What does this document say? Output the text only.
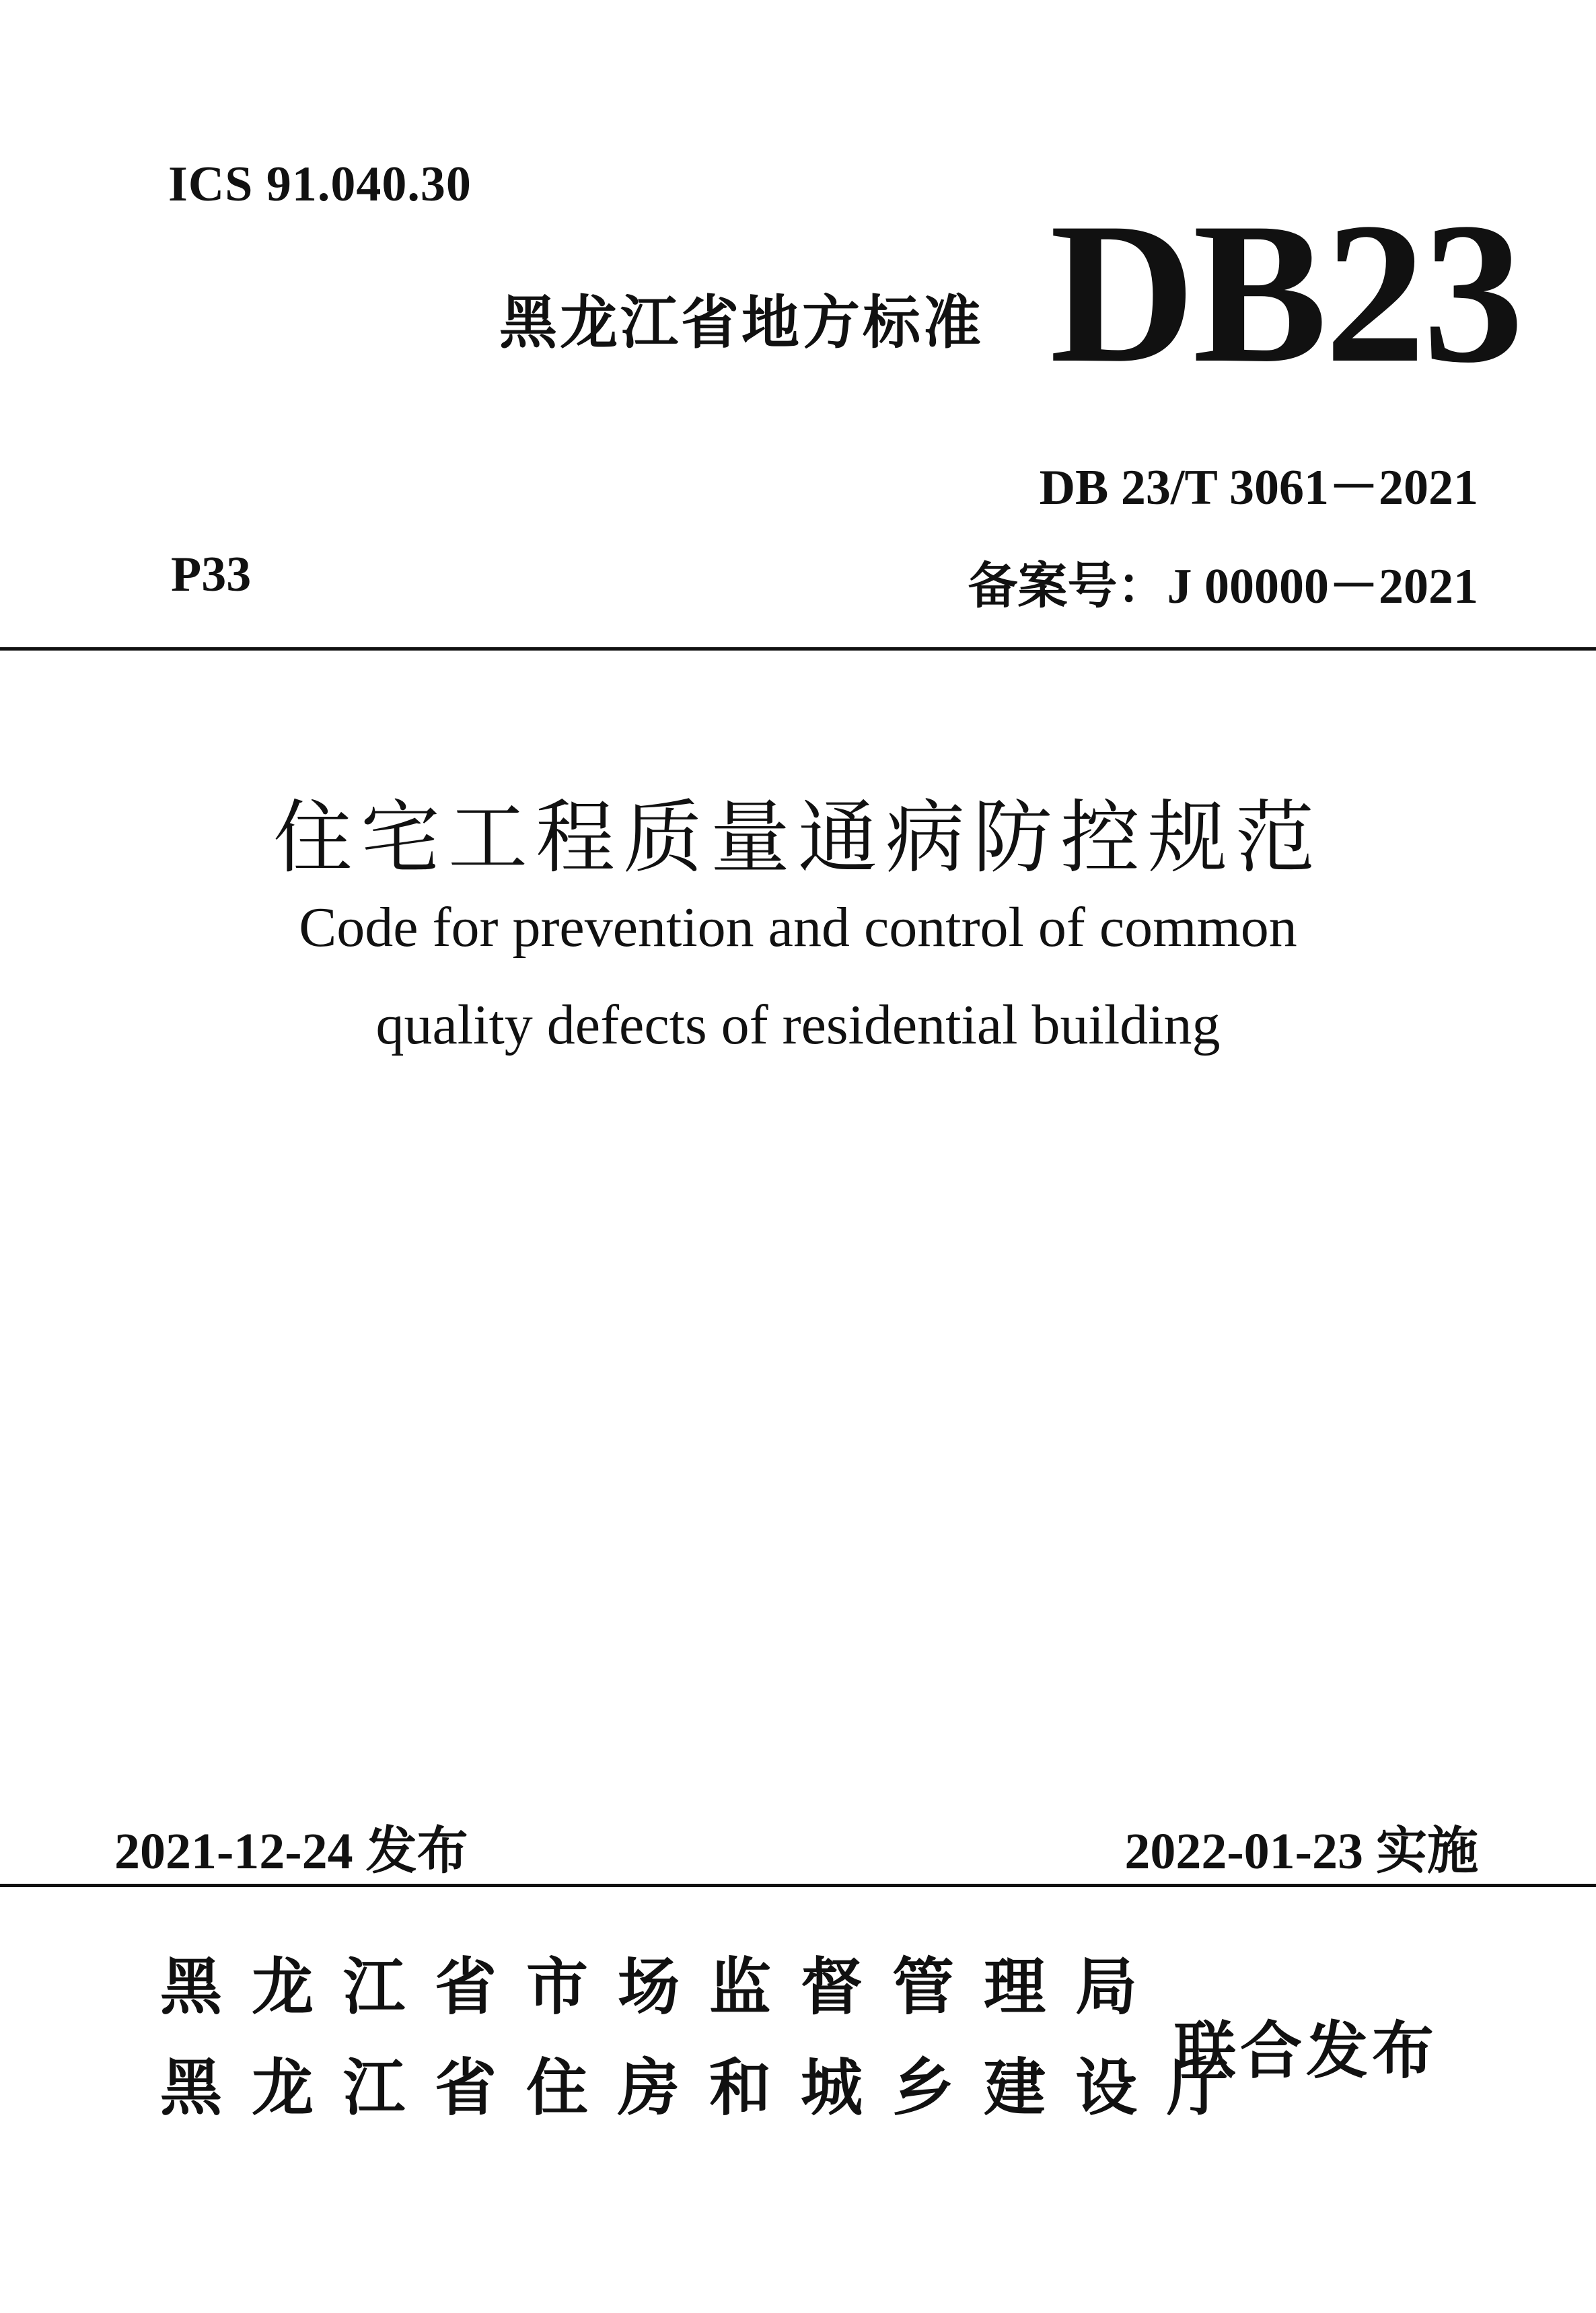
ICS 91.040.30
黑龙江省地方标准 DB23
DB 23/T 3061－2021
P33	备案号：J 00000－2021
住宅工程质量通病防控规范
Code for prevention and control of common
quality defects of residential building
2021-12-24 发布	2022-01-23 实施
黑龙江省市场监督管理局
黑龙江省住房和城乡建设厅
联合发布
